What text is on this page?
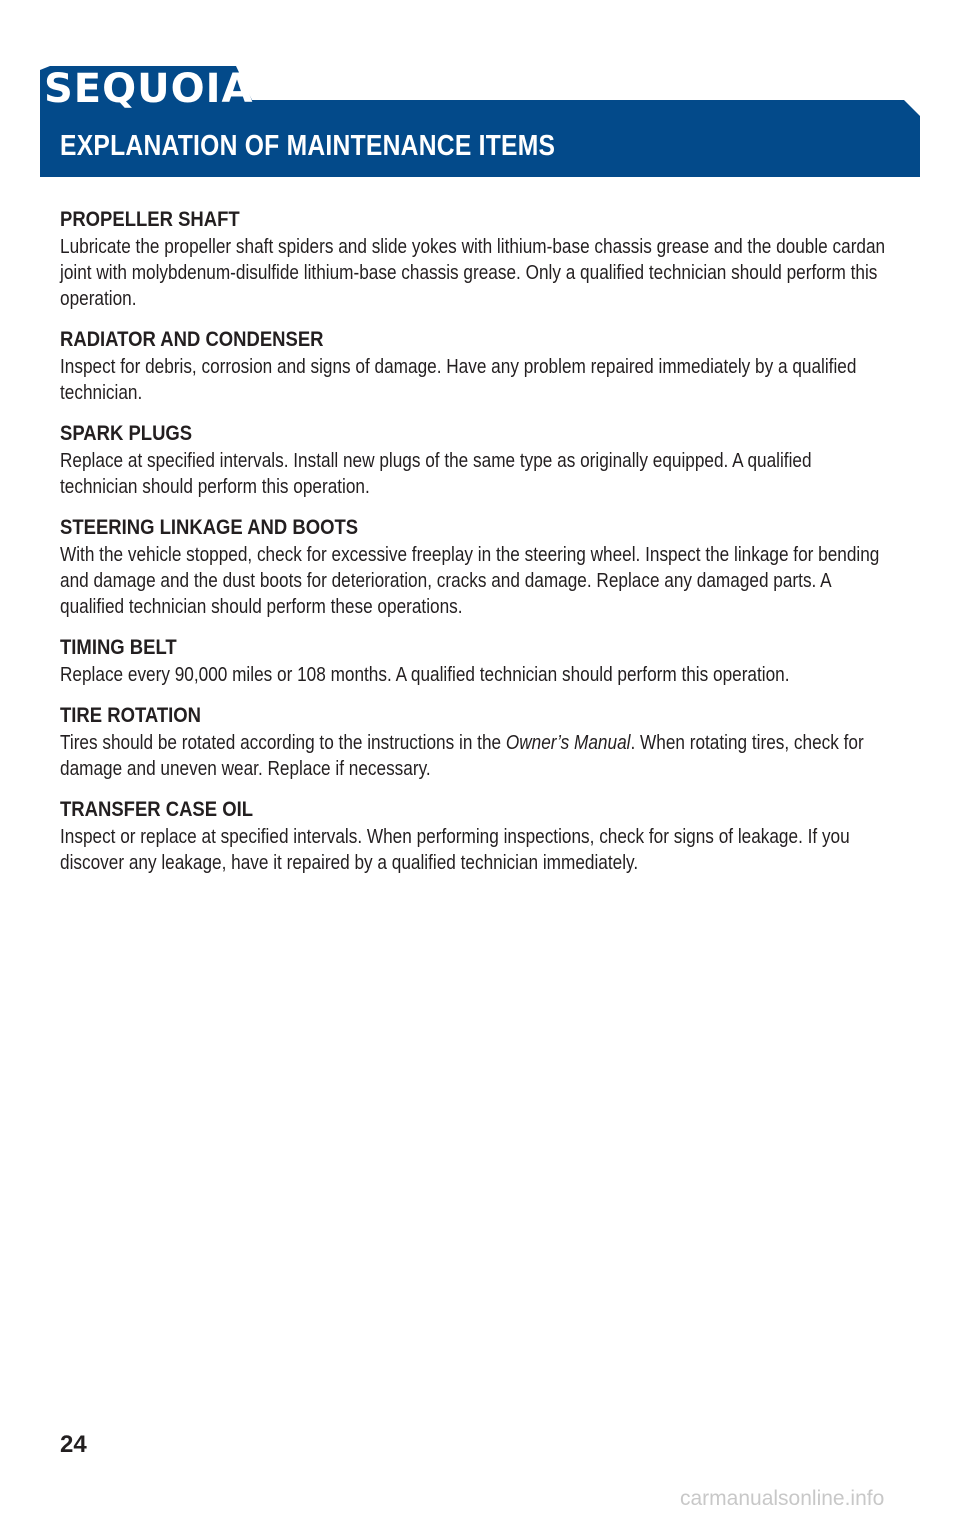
SEQUOIA
EXPLANATION OF MAINTENANCE ITEMS
PROPELLER SHAFT
Lubricate the propeller shaft spiders and slide yokes with lithium-base chassis grease and the double cardan joint with molybdenum-disulfide lithium-base chassis grease. Only a qualified technician should perform this operation.
RADIATOR AND CONDENSER
Inspect for debris, corrosion and signs of damage. Have any problem repaired immediately by a qualified technician.
SPARK PLUGS
Replace at specified intervals. Install new plugs of the same type as originally equipped. A qualified technician should perform this operation.
STEERING LINKAGE AND BOOTS
With the vehicle stopped, check for excessive freeplay in the steering wheel. Inspect the linkage for bending and damage and the dust boots for deterioration, cracks and damage. Replace any damaged parts. A qualified technician should perform these operations.
TIMING BELT
Replace every 90,000 miles or 108 months. A qualified technician should perform this operation.
TIRE ROTATION
Tires should be rotated according to the instructions in the Owner’s Manual. When rotating tires, check for damage and uneven wear. Replace if necessary.
TRANSFER CASE OIL
Inspect or replace at specified intervals. When performing inspections, check for signs of leakage. If you discover any leakage, have it repaired by a qualified technician immediately.
24
carmanualsonline.info
